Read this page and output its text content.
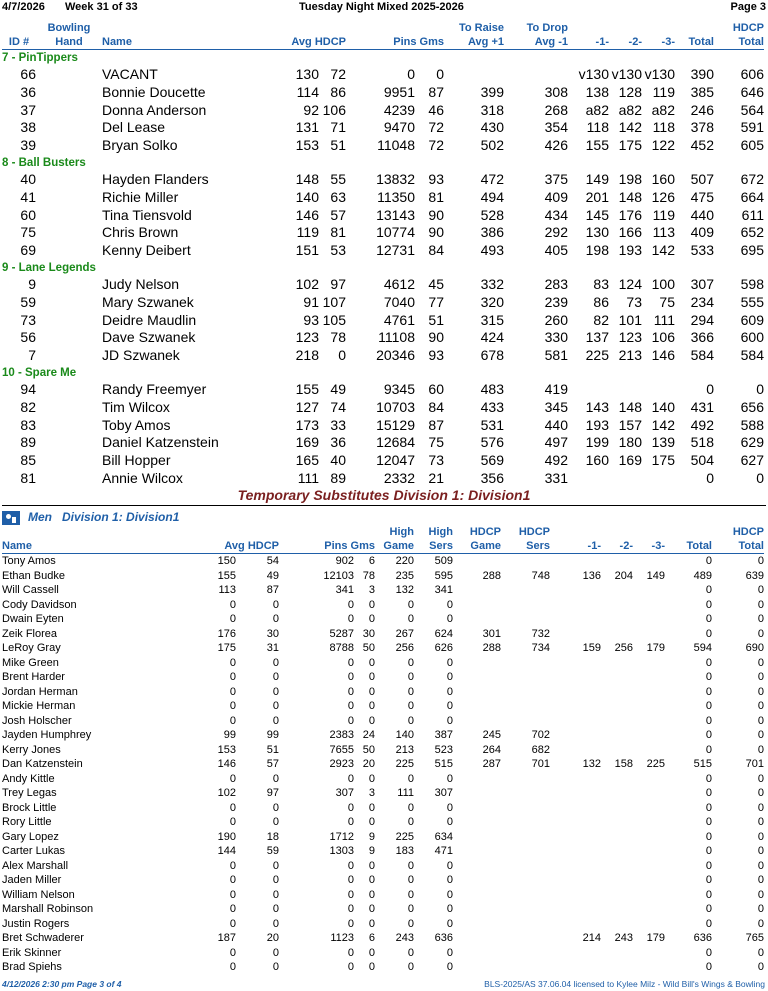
4/7/2026 Week 31 of 33	Tuesday Night Mixed 2025-2026	Page 3
	Bowling						To Raise	To Drop					HDCP
ID #	Hand	Name	Avg HDCP		Pins Gms		Avg +1	Avg -1	-1-	-2-	-3-	Total	Total
7 - PinTippers													
66		VACANT	130	72	0	0			v130	v130	v130	390	606
36		Bonnie Doucette	114	86	9951	87	399	308	138	128	119	385	646
37		Donna Anderson	92	106	4239	46	318	268	a82	a82	a82	246	564
38		Del Lease	131	71	9470	72	430	354	118	142	118	378	591
39		Bryan Solko	153	51	11048	72	502	426	155	175	122	452	605
8 - Ball Busters													
40		Hayden Flanders	148	55	13832	93	472	375	149	198	160	507	672
41		Richie Miller	140	63	11350	81	494	409	201	148	126	475	664
60		Tina Tiensvold	146	57	13143	90	528	434	145	176	119	440	611
75		Chris Brown	119	81	10774	90	386	292	130	166	113	409	652
69		Kenny Deibert	151	53	12731	84	493	405	198	193	142	533	695
9 - Lane Legends													
9		Judy Nelson	102	97	4612	45	332	283	83	124	100	307	598
59		Mary Szwanek	91	107	7040	77	320	239	86	73	75	234	555
73		Deidre Maudlin	93	105	4761	51	315	260	82	101	111	294	609
56		Dave Szwanek	123	78	11108	90	424	330	137	123	106	366	600
7		JD Szwanek	218	0	20346	93	678	581	225	213	146	584	584
10 - Spare Me													
94		Randy Freemyer	155	49	9345	60	483	419				0	0
82		Tim Wilcox	127	74	10703	84	433	345	143	148	140	431	656
83		Toby Amos	173	33	15129	87	531	440	193	157	142	492	588
89		Daniel Katzenstein	169	36	12684	75	576	497	199	180	139	518	629
85		Bill Hopper	165	40	12047	73	569	492	160	169	175	504	627
81		Annie Wilcox	111	89	2332	21	356	331				0	0
Temporary Substitutes Division 1: Division1
Men Division 1: Division1
					High	High	HDCP	HDCP					HDCP
Name	Avg HDCP		Pins Gms		Game	Sers	Game	Sers	-1-	-2-	-3-	Total	Total
Tony Amos	150	54	902	6	220	509						0	0
Ethan Budke	155	49	12103	78	235	595	288	748	136	204	149	489	639
Will Cassell	113	87	341	3	132	341						0	0
Cody Davidson	0	0	0	0	0	0						0	0
Dwain Eyten	0	0	0	0	0	0						0	0
Zeik Florea	176	30	5287	30	267	624	301	732				0	0
LeRoy Gray	175	31	8788	50	256	626	288	734	159	256	179	594	690
Mike Green	0	0	0	0	0	0						0	0
Brent Harder	0	0	0	0	0	0						0	0
Jordan Herman	0	0	0	0	0	0						0	0
Mickie Herman	0	0	0	0	0	0						0	0
Josh Holscher	0	0	0	0	0	0						0	0
Jayden Humphrey	99	99	2383	24	140	387	245	702				0	0
Kerry Jones	153	51	7655	50	213	523	264	682				0	0
Dan Katzenstein	146	57	2923	20	225	515	287	701	132	158	225	515	701
Andy Kittle	0	0	0	0	0	0						0	0
Trey Legas	102	97	307	3	111	307						0	0
Brock Little	0	0	0	0	0	0						0	0
Rory Little	0	0	0	0	0	0						0	0
Gary Lopez	190	18	1712	9	225	634						0	0
Carter Lukas	144	59	1303	9	183	471						0	0
Alex Marshall	0	0	0	0	0	0						0	0
Jaden Miller	0	0	0	0	0	0						0	0
William Nelson	0	0	0	0	0	0						0	0
Marshall Robinson	0	0	0	0	0	0						0	0
Justin Rogers	0	0	0	0	0	0						0	0
Bret Schwaderer	187	20	1123	6	243	636			214	243	179	636	765
Erik Skinner	0	0	0	0	0	0						0	0
Brad Spiehs	0	0	0	0	0	0						0	0
4/12/2026 2:30 pm Page 3 of 4	BLS-2025/AS 37.06.04 licensed to Kylee Milz - Wild Bill's Wings & Bowling
